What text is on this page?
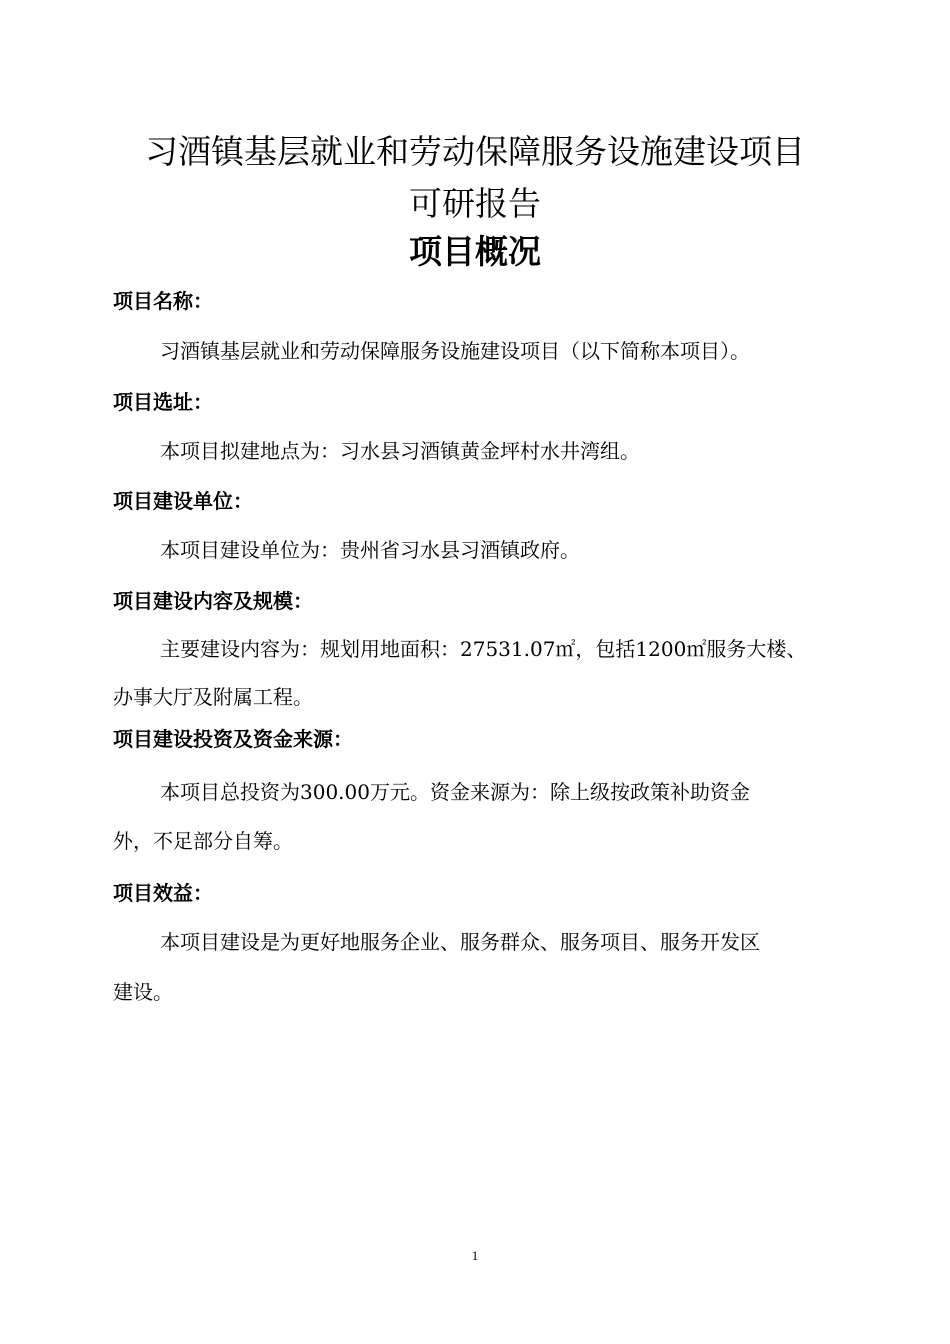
习酒镇基层就业和劳动保障服务设施建设项目
可研报告
项目概况
项目名称：
习酒镇基层就业和劳动保障服务设施建设项目（以下简称本项目）。
项目选址：
本项目拟建地点为：习水县习酒镇黄金坪村水井湾组。
项目建设单位：
本项目建设单位为：贵州省习水县习酒镇政府。
项目建设内容及规模：
主要建设内容为：规划用地面积：27531.07㎡，包括1200㎡服务大楼、
办事大厅及附属工程。
项目建设投资及资金来源：
本项目总投资为300.00万元。资金来源为：除上级按政策补助资金
外，不足部分自筹。
项目效益：
本项目建设是为更好地服务企业、服务群众、服务项目、服务开发区
建设。
1
